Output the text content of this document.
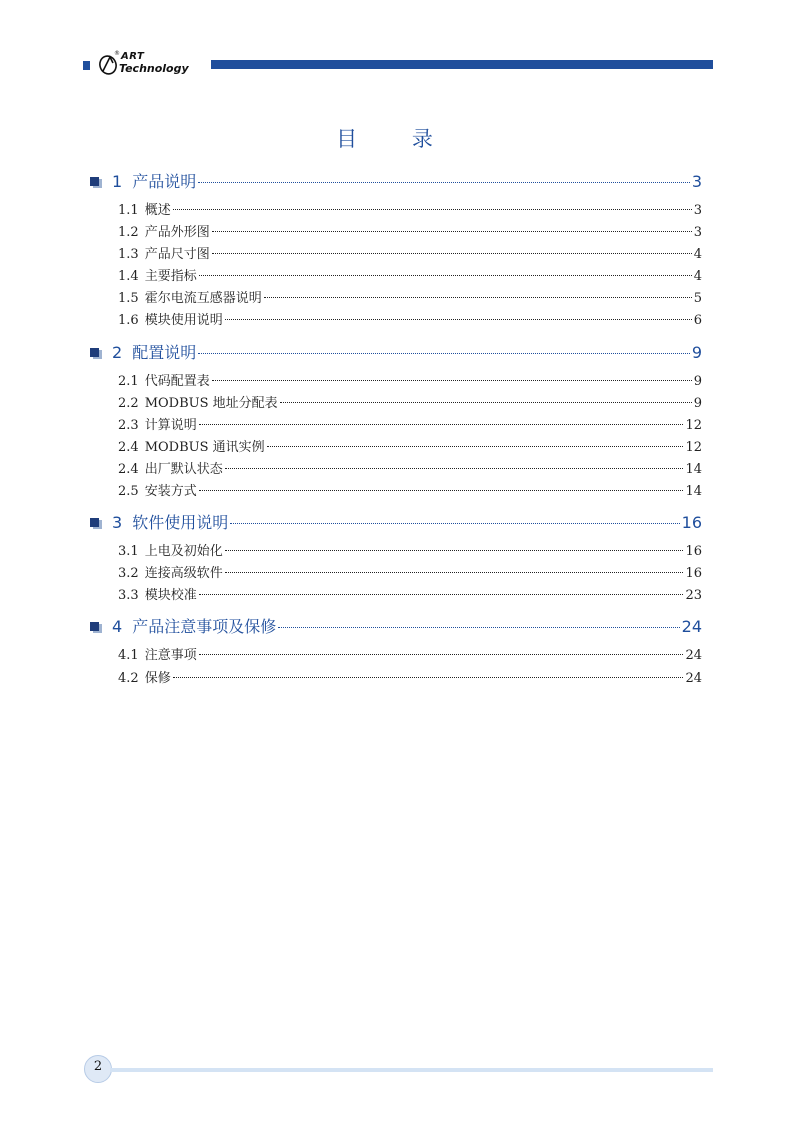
® ART
Technology
目 录
1 产品说明	3
1.1 概述	3
1.2 产品外形图	3
1.3 产品尺寸图	4
1.4 主要指标	4
1.5 霍尔电流互感器说明	5
1.6 模块使用说明	6
2 配置说明	9
2.1 代码配置表	9
2.2 MODBUS 地址分配表	9
2.3 计算说明	12
2.4 MODBUS 通讯实例	12
2.4 出厂默认状态	14
2.5 安装方式	14
3 软件使用说明	16
3.1 上电及初始化	16
3.2 连接高级软件	16
3.3 模块校准	23
4 产品注意事项及保修	24
4.1 注意事项	24
4.2 保修	24
2
